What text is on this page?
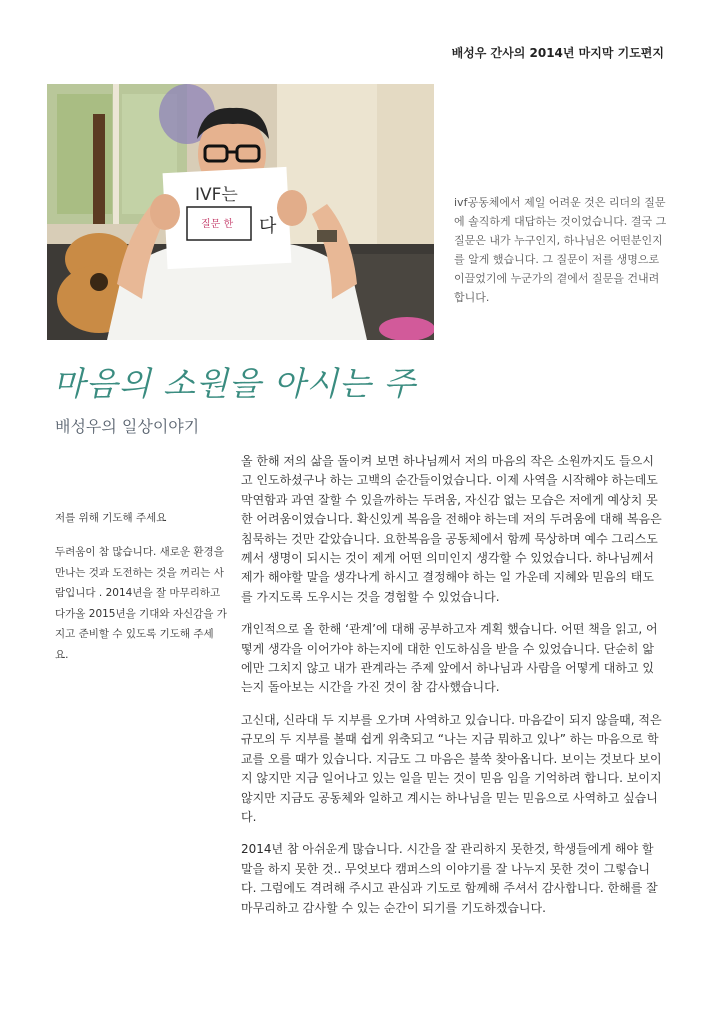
배성우 간사의 2014년 마지막 기도편지
IVF는
질문 한 다
ivf공동체에서 제일 어려운 것은 리더의 질문에 솔직하게 대답하는 것이었습니다. 결국 그 질문은 내가 누구인지, 하나님은 어떤분인지를 알게 했습니다. 그 질문이 저를 생명으로 이끌었기에 누군가의 곁에서 질문을 건내려 합니다.
마음의 소원을 아시는 주
배성우의 일상이야기
저를 위해 기도해 주세요
두려움이 참 많습니다. 새로운 환경을 만나는 것과 도전하는 것을 꺼리는 사람입니다 . 2014년을 잘 마무리하고 다가올 2015년을 기대와 자신감을 가지고 준비할 수 있도록 기도해 주세요.

올 한해 저의 삶을 돌이켜 보면 하나님께서 저의 마음의 작은 소원까지도 들으시고 인도하셨구나 하는 고백의 순간들이었습니다. 이제 사역을 시작해야 하는데도 막연함과 과연 잘할 수 있을까하는 두려움, 자신감 없는 모습은 저에게 예상치 못한 어려움이였습니다. 확신있게 복음을 전해야 하는데 저의 두려움에 대해 복음은 침묵하는 것만 같았습니다. 요한복음을 공동체에서 함께 묵상하며 예수 그리스도께서 생명이 되시는 것이 제게 어떤 의미인지 생각할 수 있었습니다. 하나님께서 제가 해야할 말을 생각나게 하시고 결정해야 하는 일 가운데 지혜와 믿음의 태도를 가지도록 도우시는 것을 경험할 수 있었습니다.

개인적으로 올 한해 ‘관계’에 대해 공부하고자 계획 했습니다. 어떤 책을 읽고, 어떻게 생각을 이어가야 하는지에 대한 인도하심을 받을 수 있었습니다. 단순히 앎에만 그치지 않고 내가 관계라는 주제 앞에서 하나님과 사람을 어떻게 대하고 있는지 돌아보는 시간을 가진 것이 참 감사했습니다.

고신대, 신라대 두 지부를 오가며 사역하고 있습니다. 마음같이 되지 않을때, 적은 규모의 두 지부를 볼때 쉽게 위축되고 “나는 지금 뭐하고 있나” 하는 마음으로 학교를 오를 때가 있습니다. 지금도 그 마음은 불쑥 찾아옵니다. 보이는 것보다 보이지 않지만 지금 일어나고 있는 일을 믿는 것이 믿음 임을 기억하려 합니다. 보이지 않지만 지금도 공동체와 일하고 계시는 하나님을 믿는 믿음으로 사역하고 싶습니다.

2014년 참 아쉬운게 많습니다. 시간을 잘 관리하지 못한것, 학생들에게 해야 할 말을 하지 못한 것.. 무엇보다 캠퍼스의 이야기를 잘 나누지 못한 것이 그렇습니다. 그럼에도 격려해 주시고 관심과 기도로 함께해 주셔서 감사합니다. 한해를 잘 마무리하고 감사할 수 있는 순간이 되기를 기도하겠습니다.
